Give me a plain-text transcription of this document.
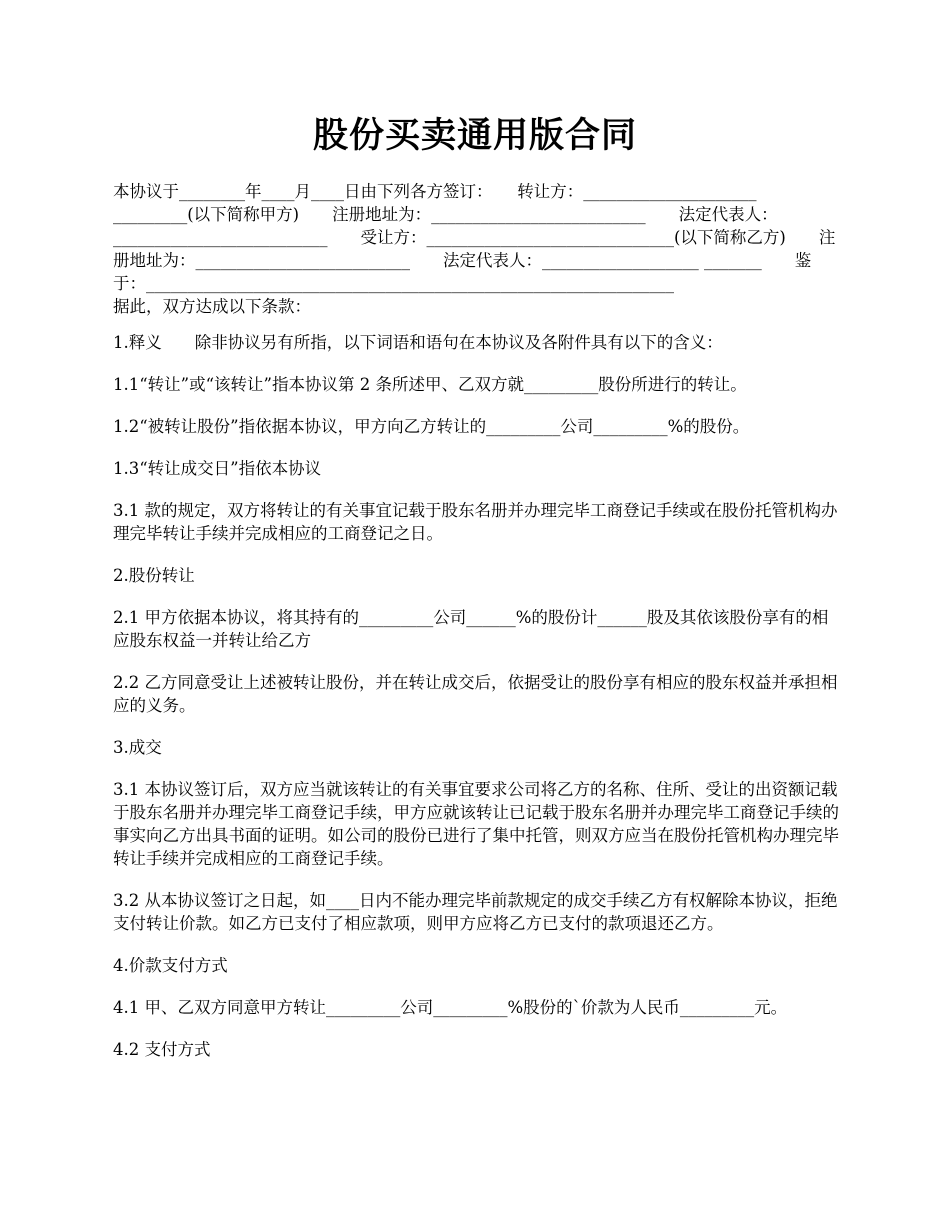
股份买卖通用版合同

本协议于________年____月____日由下列各方签订：　　转让方：_____________________ _________(以下简称甲方)　　注册地址为：__________________________　　法定代表人：__________________________　　受让方：______________________________(以下简称乙方)　　注册地址为：__________________________　　法定代表人：___________________ _______　　鉴于：________________________________________________________________

据此，双方达成以下条款：

1.释义　　除非协议另有所指，以下词语和语句在本协议及各附件具有以下的含义：

1.1“转让”或“该转让”指本协议第 2 条所述甲、乙双方就_________股份所进行的转让。

1.2“被转让股份”指依据本协议，甲方向乙方转让的_________公司_________%的股份。

1.3“转让成交日”指依本协议

3.1 款的规定，双方将转让的有关事宜记载于股东名册并办理完毕工商登记手续或在股份托管机构办理完毕转让手续并完成相应的工商登记之日。

2.股份转让

2.1 甲方依据本协议，将其持有的_________公司______%的股份计______股及其依该股份享有的相应股东权益一并转让给乙方

2.2 乙方同意受让上述被转让股份，并在转让成交后，依据受让的股份享有相应的股东权益并承担相应的义务。

3.成交

3.1 本协议签订后，双方应当就该转让的有关事宜要求公司将乙方的名称、住所、受让的出资额记载于股东名册并办理完毕工商登记手续，甲方应就该转让已记载于股东名册并办理完毕工商登记手续的事实向乙方出具书面的证明。如公司的股份已进行了集中托管，则双方应当在股份托管机构办理完毕转让手续并完成相应的工商登记手续。

3.2 从本协议签订之日起，如____日内不能办理完毕前款规定的成交手续乙方有权解除本协议，拒绝支付转让价款。如乙方已支付了相应款项，则甲方应将乙方已支付的款项退还乙方。

4.价款支付方式

4.1 甲、乙双方同意甲方转让_________公司_________%股份的`价款为人民币_________元。

4.2 支付方式
